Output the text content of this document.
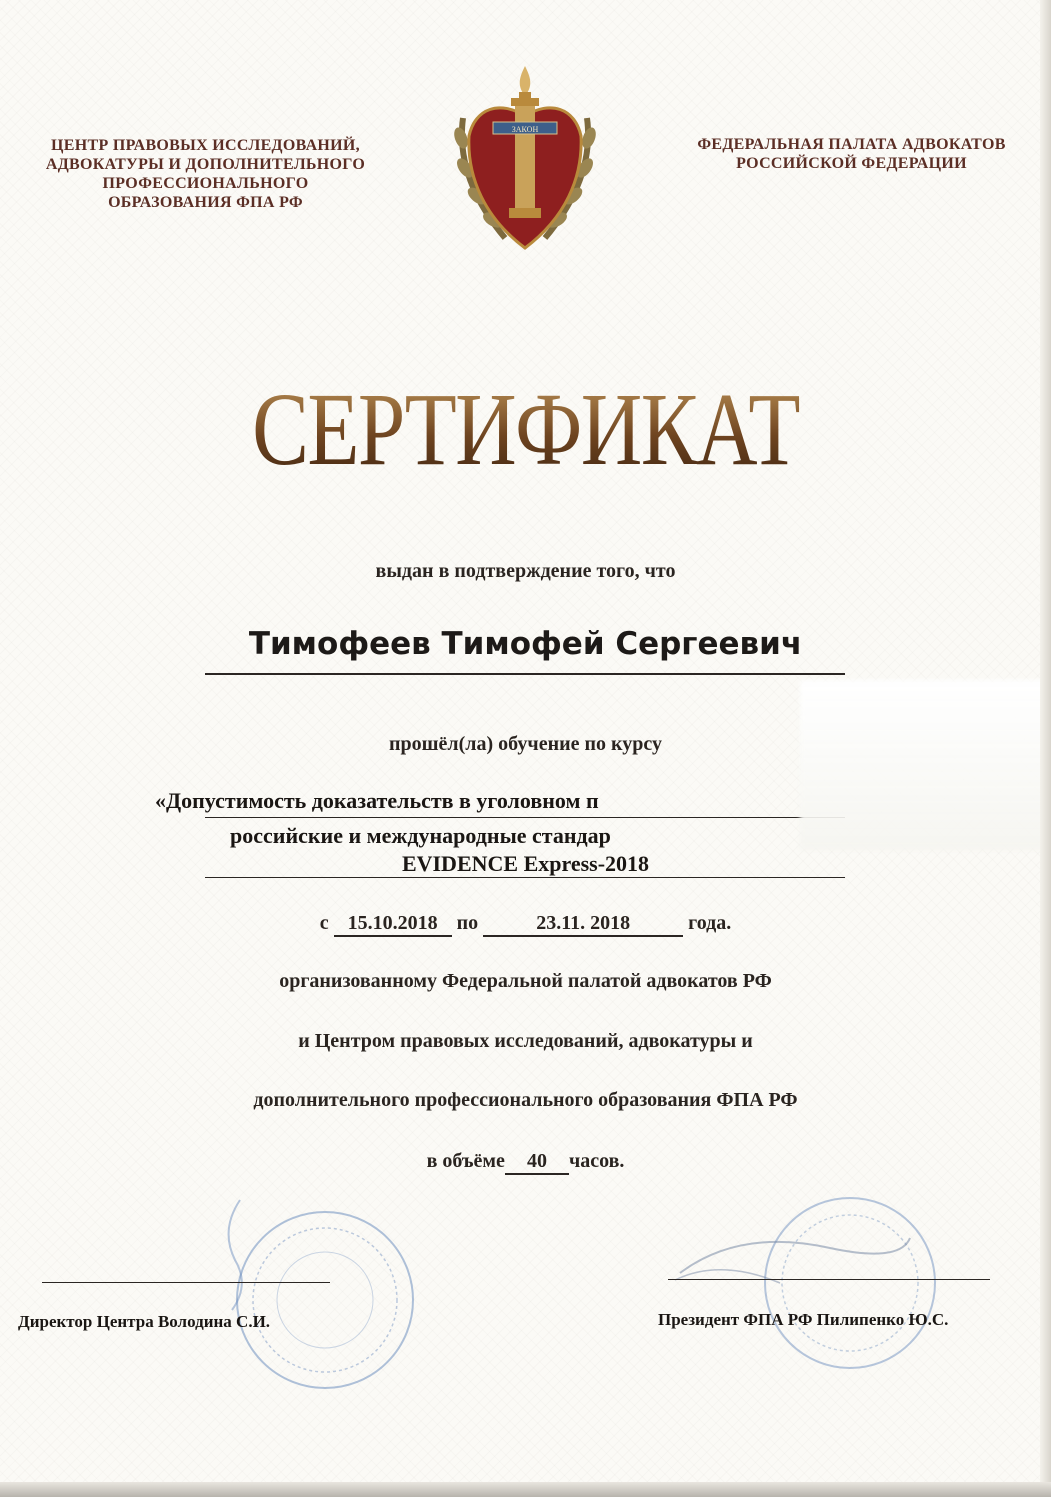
ЦЕНТР ПРАВОВЫХ ИССЛЕДОВАНИЙ,
АДВОКАТУРЫ И ДОПОЛНИТЕЛЬНОГО
ПРОФЕССИОНАЛЬНОГО
ОБРАЗОВАНИЯ ФПА РФ
ЗАКОН
ФЕДЕРАЛЬНАЯ ПАЛАТА АДВОКАТОВ
РОССИЙСКОЙ ФЕДЕРАЦИИ
СЕРТИФИКАТ
выдан в подтверждение того, что
Тимофеев Тимофей Сергеевич
прошёл(ла) обучение по курсу
«Допустимость доказательств в уголовном п
российские и международные стандар
EVIDENCE Express-2018
с 15.10.2018 по	23.11. 2018	года.
организованному Федеральной палатой адвокатов РФ
и Центром правовых исследований, адвокатуры и
дополнительного профессионального образования ФПА РФ
в объёме 40 часов.
Директор Центра Володина С.И.	Президент ФПА РФ Пилипенко Ю.С.
